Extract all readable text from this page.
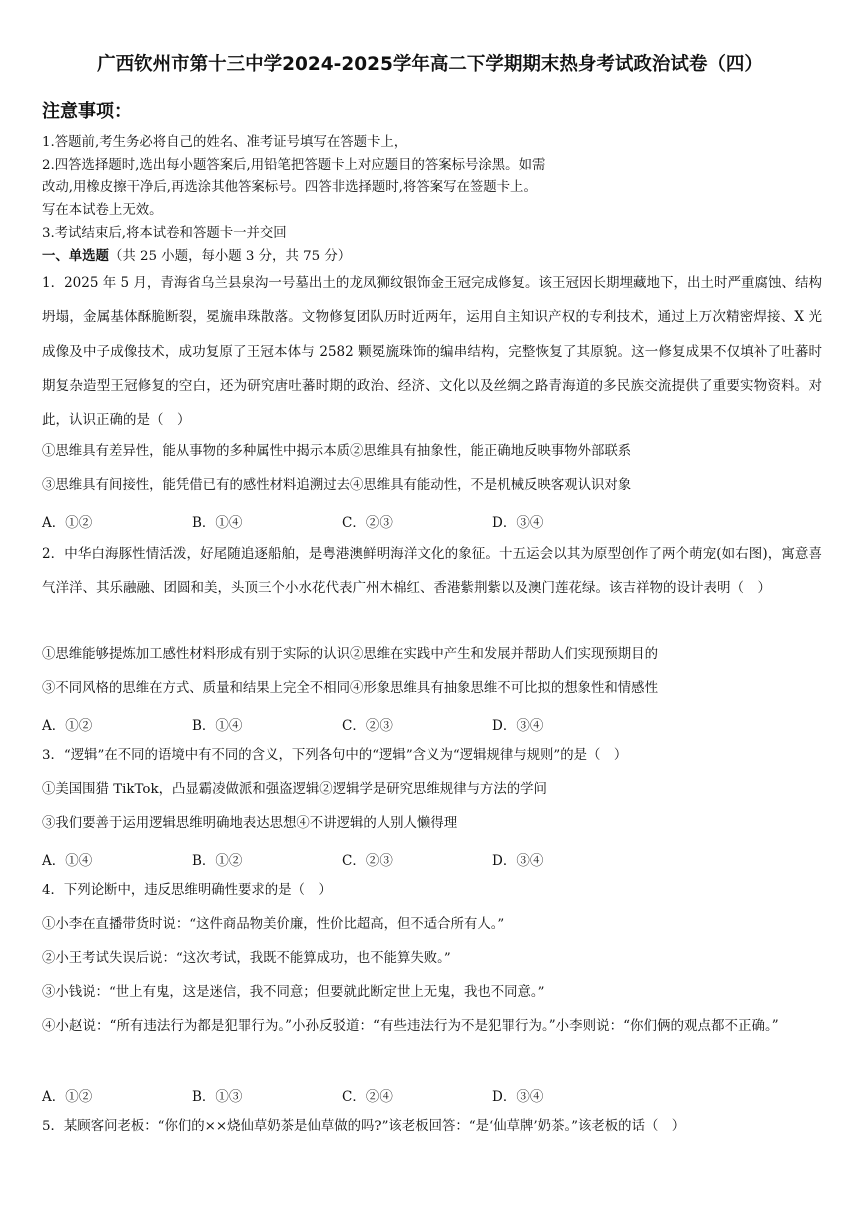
广西钦州市第十三中学2024-2025学年高二下学期期末热身考试政治试卷（四）
注意事项：
1.答题前,考生务必将自己的姓名、准考证号填写在答题卡上，
2.四答选择题时,选出每小题答案后,用铅笔把答题卡上对应题目的答案标号涂黑。如需
改动,用橡皮擦干净后,再选涂其他答案标号。四答非选择题时,将答案写在签题卡上。
写在本试卷上无效。
3.考试结束后,将本试卷和答题卡一并交回
一、单选题（共 25 小题，每小题 3 分，共 75 分）
1．2025 年 5 月，青海省乌兰县泉沟一号墓出土的龙凤狮纹银饰金王冠完成修复。该王冠因长期埋藏地下，出土时严重腐蚀、结构坍塌，金属基体酥脆断裂，冕旒串珠散落。文物修复团队历时近两年，运用自主知识产权的专利技术，通过上万次精密焊接、X 光成像及中子成像技术，成功复原了王冠本体与 2582 颗冕旒珠饰的编串结构，完整恢复了其原貌。这一修复成果不仅填补了吐蕃时期复杂造型王冠修复的空白，还为研究唐吐蕃时期的政治、经济、文化以及丝绸之路青海道的多民族交流提供了重要实物资料。对此，认识正确的是（　）
①思维具有差异性，能从事物的多种属性中揭示本质②思维具有抽象性，能正确地反映事物外部联系
③思维具有间接性，能凭借已有的感性材料追溯过去④思维具有能动性，不是机械反映客观认识对象
A．①②	B．①④	C．②③	D．③④
2．中华白海豚性情活泼，好尾随追逐船舶，是粤港澳鲜明海洋文化的象征。十五运会以其为原型创作了两个萌宠(如右图)，寓意喜气洋洋、其乐融融、团圆和美，头顶三个小水花代表广州木棉红、香港紫荆紫以及澳门莲花绿。该吉祥物的设计表明（　）
①思维能够提炼加工感性材料形成有别于实际的认识②思维在实践中产生和发展并帮助人们实现预期目的
③不同风格的思维在方式、质量和结果上完全不相同④形象思维具有抽象思维不可比拟的想象性和情感性
A．①②	B．①④	C．②③	D．③④
3．“逻辑”在不同的语境中有不同的含义，下列各句中的“逻辑”含义为“逻辑规律与规则”的是（　）
①美国围猎 TikTok，凸显霸凌做派和强盗逻辑②逻辑学是研究思维规律与方法的学问
③我们要善于运用逻辑思维明确地表达思想④不讲逻辑的人别人懒得理
A．①④	B．①②	C．②③	D．③④
4．下列论断中，违反思维明确性要求的是（　）
①小李在直播带货时说：“这件商品物美价廉，性价比超高，但不适合所有人。”
②小王考试失误后说：“这次考试，我既不能算成功，也不能算失败。”
③小钱说：“世上有鬼，这是迷信，我不同意；但要就此断定世上无鬼，我也不同意。”
④小赵说：“所有违法行为都是犯罪行为。”小孙反驳道：“有些违法行为不是犯罪行为。”小李则说：“你们俩的观点都不正确。”
A．①②	B．①③	C．②④	D．③④
5．某顾客问老板：“你们的××烧仙草奶茶是仙草做的吗?”该老板回答：“是‘仙草牌’奶茶。”该老板的话（　）
